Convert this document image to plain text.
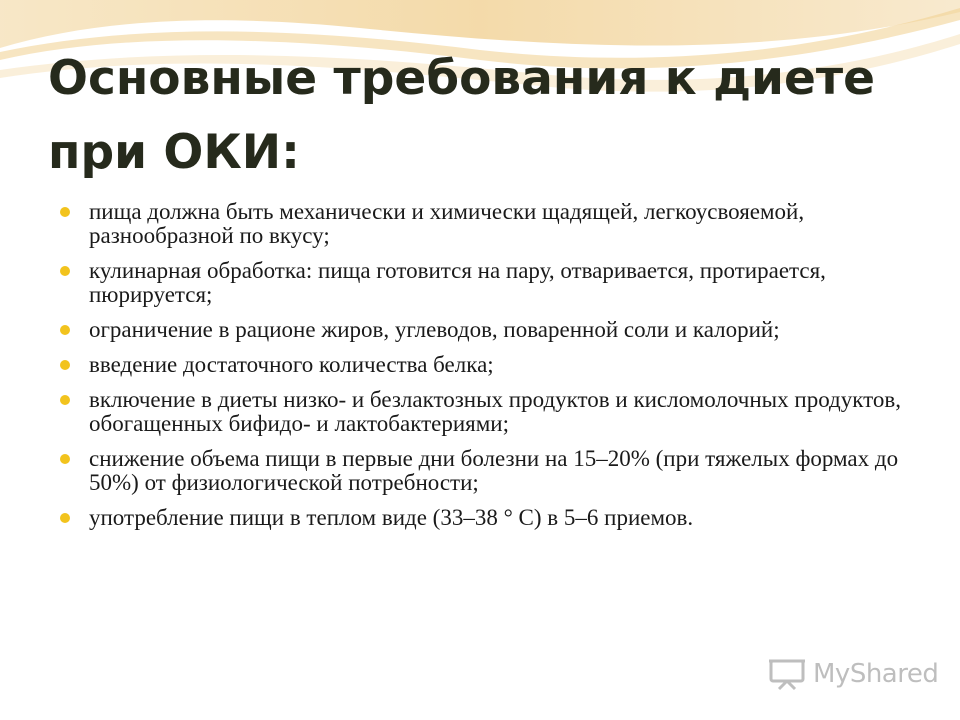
Основные требования к диете при ОКИ:
пища должна быть механически и химически щадящей, легкоусвояемой, разнообразной по вкусу;
кулинарная обработка: пища готовится на пару, отваривается, протирается, пюрируется;
ограничение в рационе жиров, углеводов, поваренной соли и калорий;
введение достаточного количества белка;
включение в диеты низко- и безлактозных продуктов и кисломолочных продуктов, обогащенных бифидо- и лактобактериями;
снижение объема пищи в первые дни болезни на 15–20% (при тяжелых формах до 50%) от физиологической потребности;
употребление пищи в теплом виде (33–38 ° С) в 5–6 приемов.
MyShared
